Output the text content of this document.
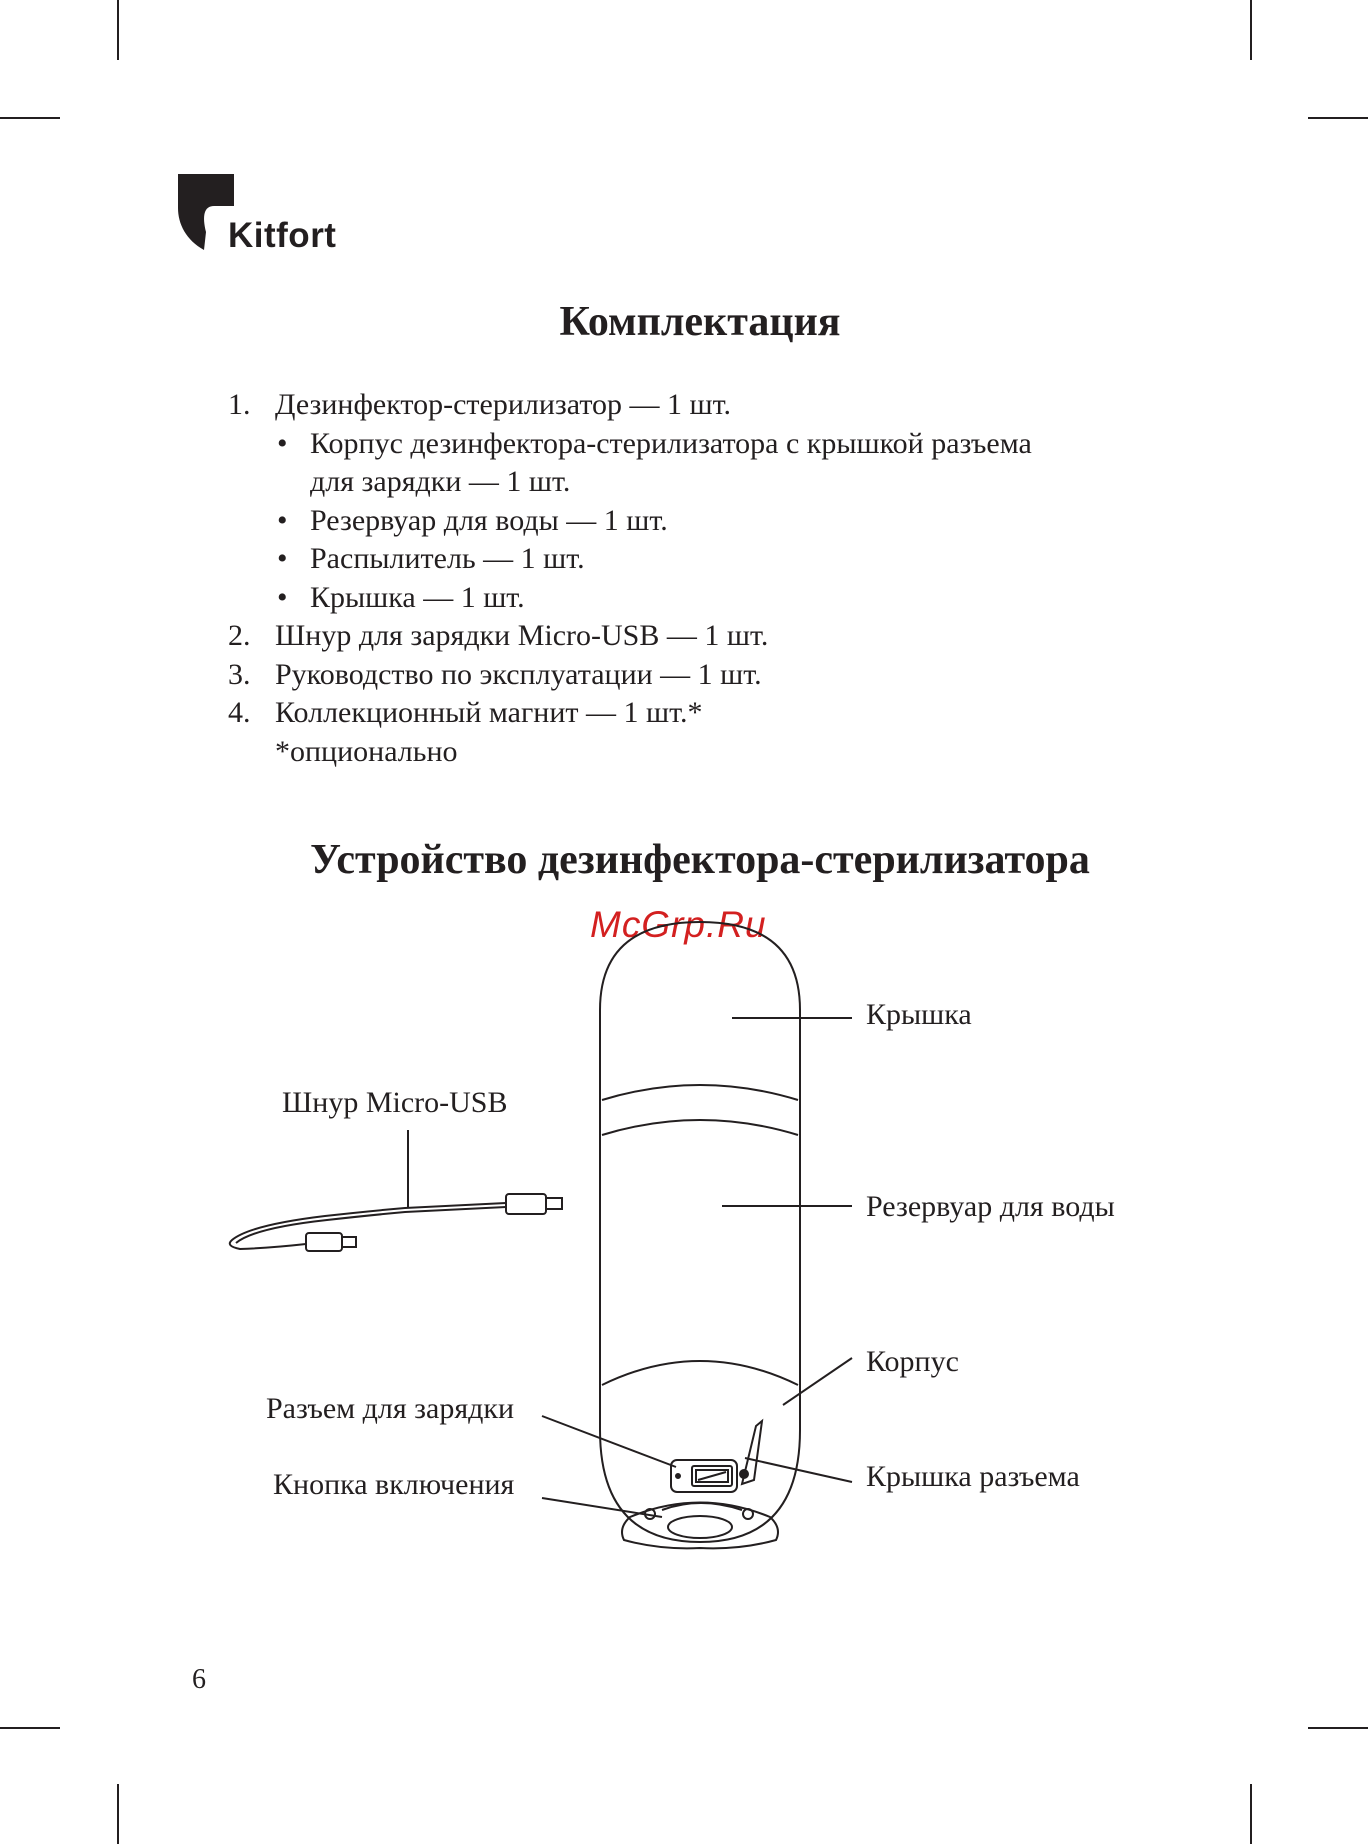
Kitfort
Комплектация
1. Дезинфектор-стерилизатор — 1 шт.
• Корпус дезинфектора-стерилизатора с крышкой разъема
для зарядки — 1 шт.
• Резервуар для воды — 1 шт.
• Распылитель — 1 шт.
• Крышка — 1 шт.
2. Шнур для зарядки Micro-USB — 1 шт.
3. Руководство по эксплуатации — 1 шт.
4. Коллекционный магнит — 1 шт.*
*опционально
Устройство дезинфектора-стерилизатора
McGrp.Ru
Крышка
Шнур Micro-USB
Резервуар для воды
Корпус
Разъем для зарядки
Крышка разъема
Кнопка включения
6
